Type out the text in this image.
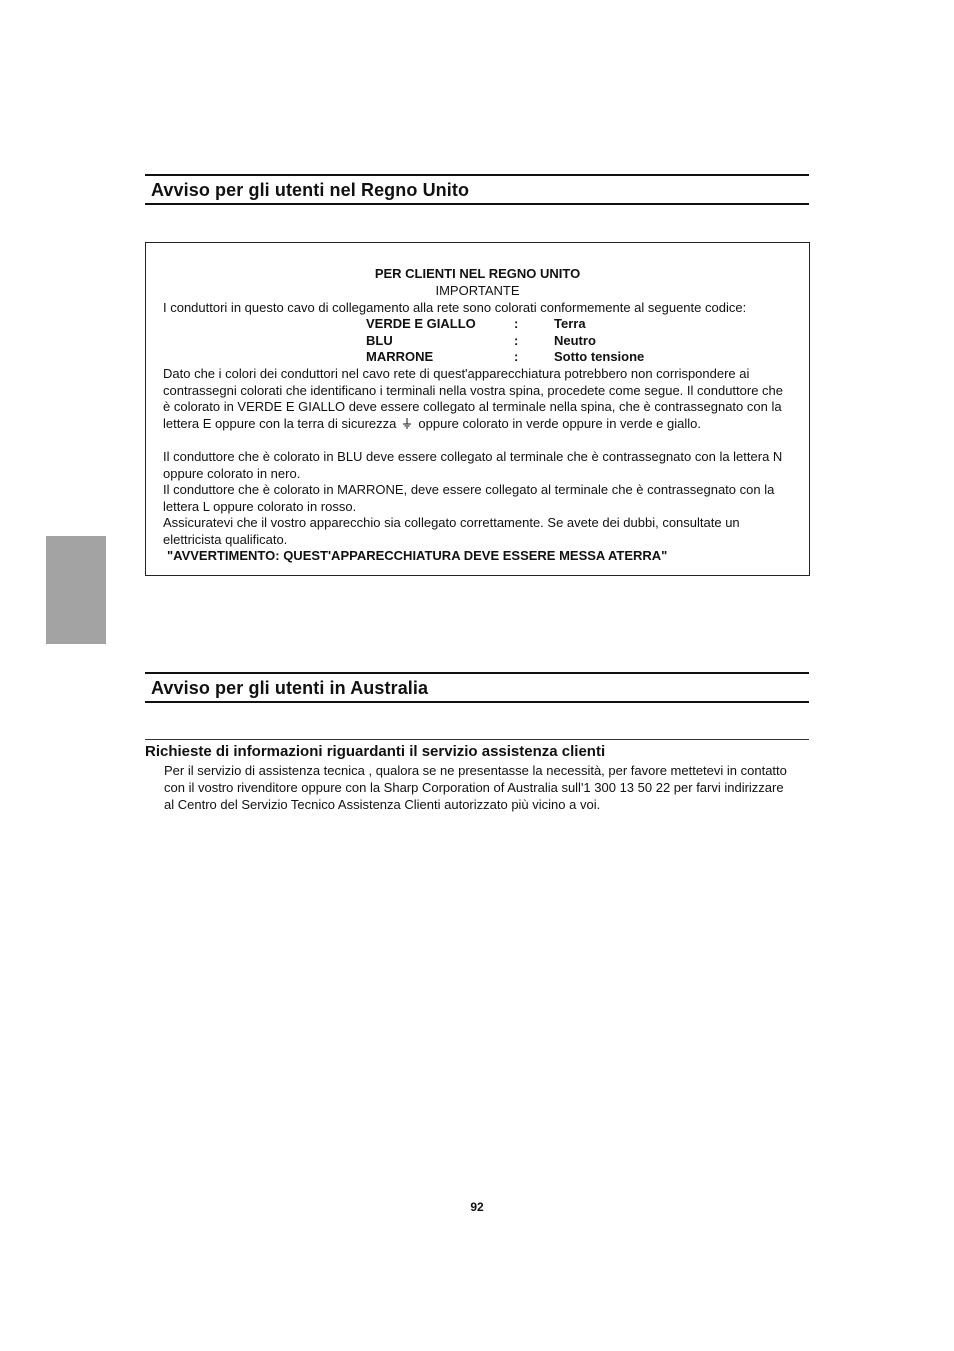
Avviso per gli utenti nel Regno Unito
PER CLIENTI NEL REGNO UNITO
IMPORTANTE
I conduttori in questo cavo di collegamento alla rete sono colorati conformemente al seguente codice:
VERDE E GIALLO	:	Terra
BLU	:	Neutro
MARRONE	:	Sotto tensione
Dato che i colori dei conduttori nel cavo rete di quest'apparecchiatura potrebbero non corrispondere ai contrassegni colorati che identificano i terminali nella vostra spina, procedete come segue. Il conduttore che è colorato in VERDE E GIALLO deve essere collegato al terminale nella spina, che è contrassegnato con la lettera E oppure con la terra di sicurezza oppure colorato in verde oppure in verde e giallo.
Il conduttore che è colorato in BLU deve essere collegato al terminale che è contrassegnato con la lettera N oppure colorato in nero.
Il conduttore che è colorato in MARRONE, deve essere collegato al terminale che è contrassegnato con la lettera L oppure colorato in rosso.
Assicuratevi che il vostro apparecchio sia collegato correttamente. Se avete dei dubbi, consultate un elettricista qualificato.
"AVVERTIMENTO: QUEST'APPARECCHIATURA DEVE ESSERE MESSA ATERRA"
Avviso per gli utenti in Australia
Richieste di informazioni riguardanti il servizio assistenza clienti
Per il servizio di assistenza tecnica , qualora se ne presentasse la necessità, per favore mettetevi in contatto con il vostro rivenditore oppure con la Sharp Corporation of Australia sull'1 300 13 50 22 per farvi indirizzare al Centro del Servizio Tecnico Assistenza Clienti autorizzato più vicino a voi.
92
